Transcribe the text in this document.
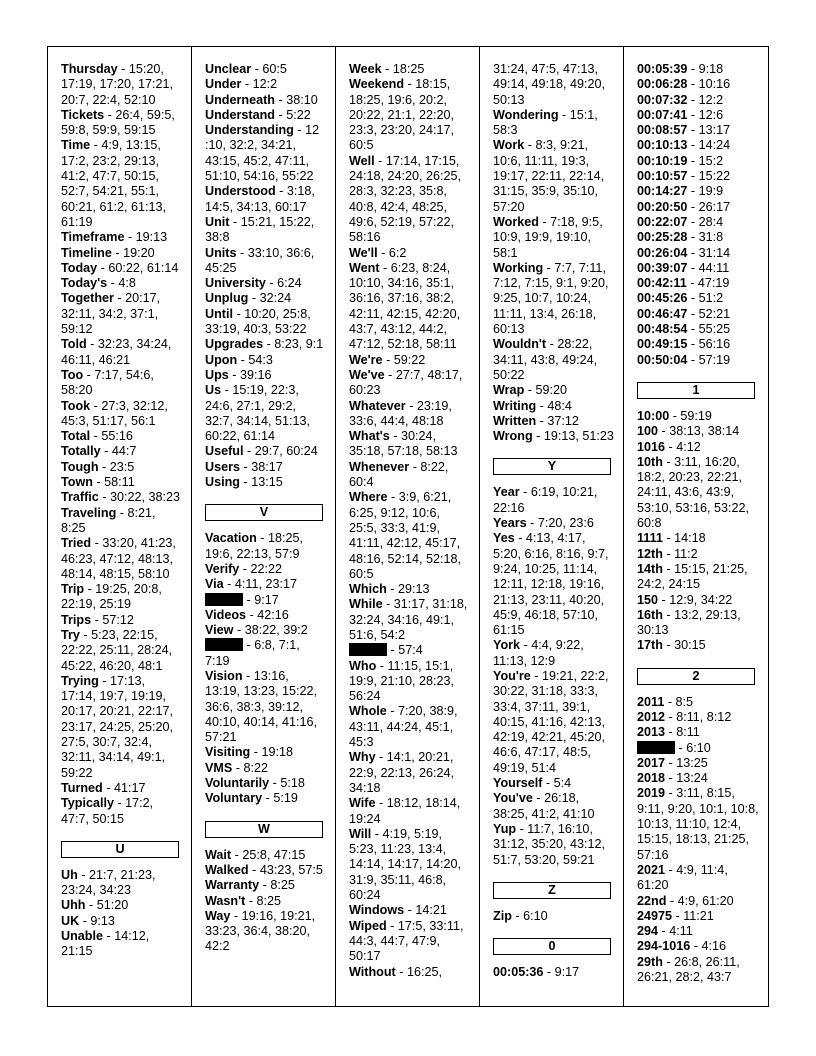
Thursday - 15:20, 17:19, 17:20, 17:21, 20:7, 22:4, 52:10
Tickets - 26:4, 59:5, 59:8, 59:9, 59:15
Time - 4:9, 13:15, 17:2, 23:2, 29:13, 41:2, 47:7, 50:15, 52:7, 54:21, 55:1, 60:21, 61:2, 61:13, 61:19
Timeframe - 19:13
Timeline - 19:20
Today - 60:22, 61:14
Today's - 4:8
Together - 20:17, 32:11, 34:2, 37:1, 59:12
Told - 32:23, 34:24, 46:11, 46:21
Too - 7:17, 54:6, 58:20
Took - 27:3, 32:12, 45:3, 51:17, 56:1
Total - 55:16
Totally - 44:7
Tough - 23:5
Town - 58:11
Traffic - 30:22, 38:23
Traveling - 8:21, 8:25
Tried - 33:20, 41:23, 46:23, 47:12, 48:13, 48:14, 48:15, 58:10
Trip - 19:25, 20:8, 22:19, 25:19
Trips - 57:12
Try - 5:23, 22:15, 22:22, 25:11, 28:24, 45:22, 46:20, 48:1
Trying - 17:13, 17:14, 19:7, 19:19, 20:17, 20:21, 22:17, 23:17, 24:25, 25:20, 27:5, 30:7, 32:4, 32:11, 34:14, 49:1, 59:22
Turned - 41:17
Typically - 17:2, 47:7, 50:15
U
Uh - 21:7, 21:23, 23:24, 34:23
Uhh - 51:20
UK - 9:13
Unable - 14:12, 21:15
Unclear - 60:5
Under - 12:2
Underneath - 38:10
Understand - 5:22
Understanding - 12 :10, 32:2, 34:21, 43:15, 45:2, 47:11, 51:10, 54:16, 55:22
Understood - 3:18, 14:5, 34:13, 60:17
Unit - 15:21, 15:22, 38:8
Units - 33:10, 36:6, 45:25
University - 6:24
Unplug - 32:24
Until - 10:20, 25:8, 33:19, 40:3, 53:22
Upgrades - 8:23, 9:1
Upon - 54:3
Ups - 39:16
Us - 15:19, 22:3, 24:6, 27:1, 29:2, 32:7, 34:14, 51:13, 60:22, 61:14
Useful - 29:7, 60:24
Users - 38:17
Using - 13:15
V
Vacation - 18:25, 19:6, 22:13, 57:9
Verify - 22:22
Via - 4:11, 23:17
- 9:17
Videos - 42:16
View - 38:22, 39:2
- 6:8, 7:1, 7:19
Vision - 13:16, 13:19, 13:23, 15:22, 36:6, 38:3, 39:12, 40:10, 40:14, 41:16, 57:21
Visiting - 19:18
VMS - 8:22
Voluntarily - 5:18
Voluntary - 5:19
W
Wait - 25:8, 47:15
Walked - 43:23, 57:5
Warranty - 8:25
Wasn't - 8:25
Way - 19:16, 19:21, 33:23, 36:4, 38:20, 42:2
Week - 18:25
Weekend - 18:15, 18:25, 19:6, 20:2, 20:22, 21:1, 22:20, 23:3, 23:20, 24:17, 60:5
Well - 17:14, 17:15, 24:18, 24:20, 26:25, 28:3, 32:23, 35:8, 40:8, 42:4, 48:25, 49:6, 52:19, 57:22, 58:16
We'll - 6:2
Went - 6:23, 8:24, 10:10, 34:16, 35:1, 36:16, 37:16, 38:2, 42:11, 42:15, 42:20, 43:7, 43:12, 44:2, 47:12, 52:18, 58:11
We're - 59:22
We've - 27:7, 48:17, 60:23
Whatever - 23:19, 33:6, 44:4, 48:18
What's - 30:24, 35:18, 57:18, 58:13
Whenever - 8:22, 60:4
Where - 3:9, 6:21, 6:25, 9:12, 10:6, 25:5, 33:3, 41:9, 41:11, 42:12, 45:17, 48:16, 52:14, 52:18, 60:5
Which - 29:13
While - 31:17, 31:18, 32:24, 34:16, 49:1, 51:6, 54:2
- 57:4
Who - 11:15, 15:1, 19:9, 21:10, 28:23, 56:24
Whole - 7:20, 38:9, 43:11, 44:24, 45:1, 45:3
Why - 14:1, 20:21, 22:9, 22:13, 26:24, 34:18
Wife - 18:12, 18:14, 19:24
Will - 4:19, 5:19, 5:23, 11:23, 13:4, 14:14, 14:17, 14:20, 31:9, 35:11, 46:8, 60:24
Windows - 14:21
Wiped - 17:5, 33:11, 44:3, 44:7, 47:9, 50:17
Without - 16:25,
31:24, 47:5, 47:13, 49:14, 49:18, 49:20, 50:13
Wondering - 15:1, 58:3
Work - 8:3, 9:21, 10:6, 11:11, 19:3, 19:17, 22:11, 22:14, 31:15, 35:9, 35:10, 57:20
Worked - 7:18, 9:5, 10:9, 19:9, 19:10, 58:1
Working - 7:7, 7:11, 7:12, 7:15, 9:1, 9:20, 9:25, 10:7, 10:24, 11:11, 13:4, 26:18, 60:13
Wouldn't - 28:22, 34:11, 43:8, 49:24, 50:22
Wrap - 59:20
Writing - 48:4
Written - 37:12
Wrong - 19:13, 51:23
Y
Year - 6:19, 10:21, 22:16
Years - 7:20, 23:6
Yes - 4:13, 4:17, 5:20, 6:16, 8:16, 9:7, 9:24, 10:25, 11:14, 12:11, 12:18, 19:16, 21:13, 23:11, 40:20, 45:9, 46:18, 57:10, 61:15
York - 4:4, 9:22, 11:13, 12:9
You're - 19:21, 22:2, 30:22, 31:18, 33:3, 33:4, 37:11, 39:1, 40:15, 41:16, 42:13, 42:19, 42:21, 45:20, 46:6, 47:17, 48:5, 49:19, 51:4
Yourself - 5:4
You've - 26:18, 38:25, 41:2, 41:10
Yup - 11:7, 16:10, 31:12, 35:20, 43:12, 51:7, 53:20, 59:21
Z
Zip - 6:10
0
00:05:36 - 9:17
00:05:39 - 9:18
00:06:28 - 10:16
00:07:32 - 12:2
00:07:41 - 12:6
00:08:57 - 13:17
00:10:13 - 14:24
00:10:19 - 15:2
00:10:57 - 15:22
00:14:27 - 19:9
00:20:50 - 26:17
00:22:07 - 28:4
00:25:28 - 31:8
00:26:04 - 31:14
00:39:07 - 44:11
00:42:11 - 47:19
00:45:26 - 51:2
00:46:47 - 52:21
00:48:54 - 55:25
00:49:15 - 56:16
00:50:04 - 57:19
1
10:00 - 59:19
100 - 38:13, 38:14
1016 - 4:12
10th - 3:11, 16:20, 18:2, 20:23, 22:21, 24:11, 43:6, 43:9, 53:10, 53:16, 53:22, 60:8
1111 - 14:18
12th - 11:2
14th - 15:15, 21:25, 24:2, 24:15
150 - 12:9, 34:22
16th - 13:2, 29:13, 30:13
17th - 30:15
2
2011 - 8:5
2012 - 8:11, 8:12
2013 - 8:11
- 6:10
2017 - 13:25
2018 - 13:24
2019 - 3:11, 8:15, 9:11, 9:20, 10:1, 10:8, 10:13, 11:10, 12:4, 15:15, 18:13, 21:25, 57:16
2021 - 4:9, 11:4, 61:20
22nd - 4:9, 61:20
24975 - 11:21
294 - 4:11
294-1016 - 4:16
29th - 26:8, 26:11, 26:21, 28:2, 43:7
